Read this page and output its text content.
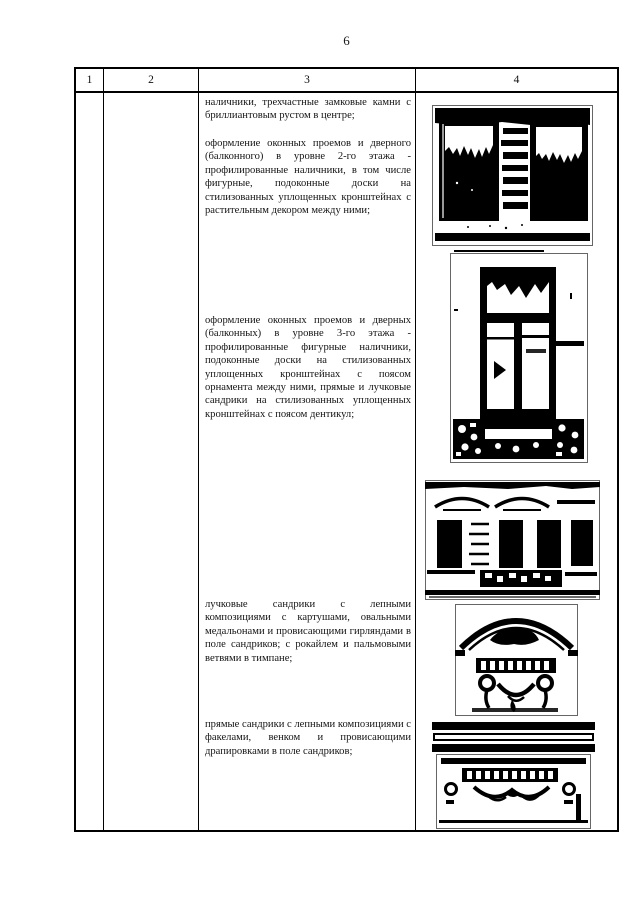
6
1	2	3	4

наличники, трехчастные замковые камни с бриллиантовым рустом в центре;

оформление оконных проемов и дверного (балконного) в уровне 2-го этажа - профилированные наличники, в том числе фигурные, подоконные доски на стилизованных уплощенных кронштейнах с растительным декором между ними;

оформление оконных проемов и дверных (балконных) в уровне 3-го этажа - профилированные фигурные наличники, подоконные доски на стилизованных уплощенных кронштейнах с поясом орнамента между ними, прямые и лучковые сандрики на стилизованных уплощенных кронштейнах с поясом дентикул;

лучковые сандрики с лепными композициями с картушами, овальными медальонами и провисающими гирляндами в поле сандриков; с рокайлем и пальмовыми ветвями в тимпане;

прямые сандрики с лепными композициями с факелами, венком и провисающими драпировками в поле сандриков;
